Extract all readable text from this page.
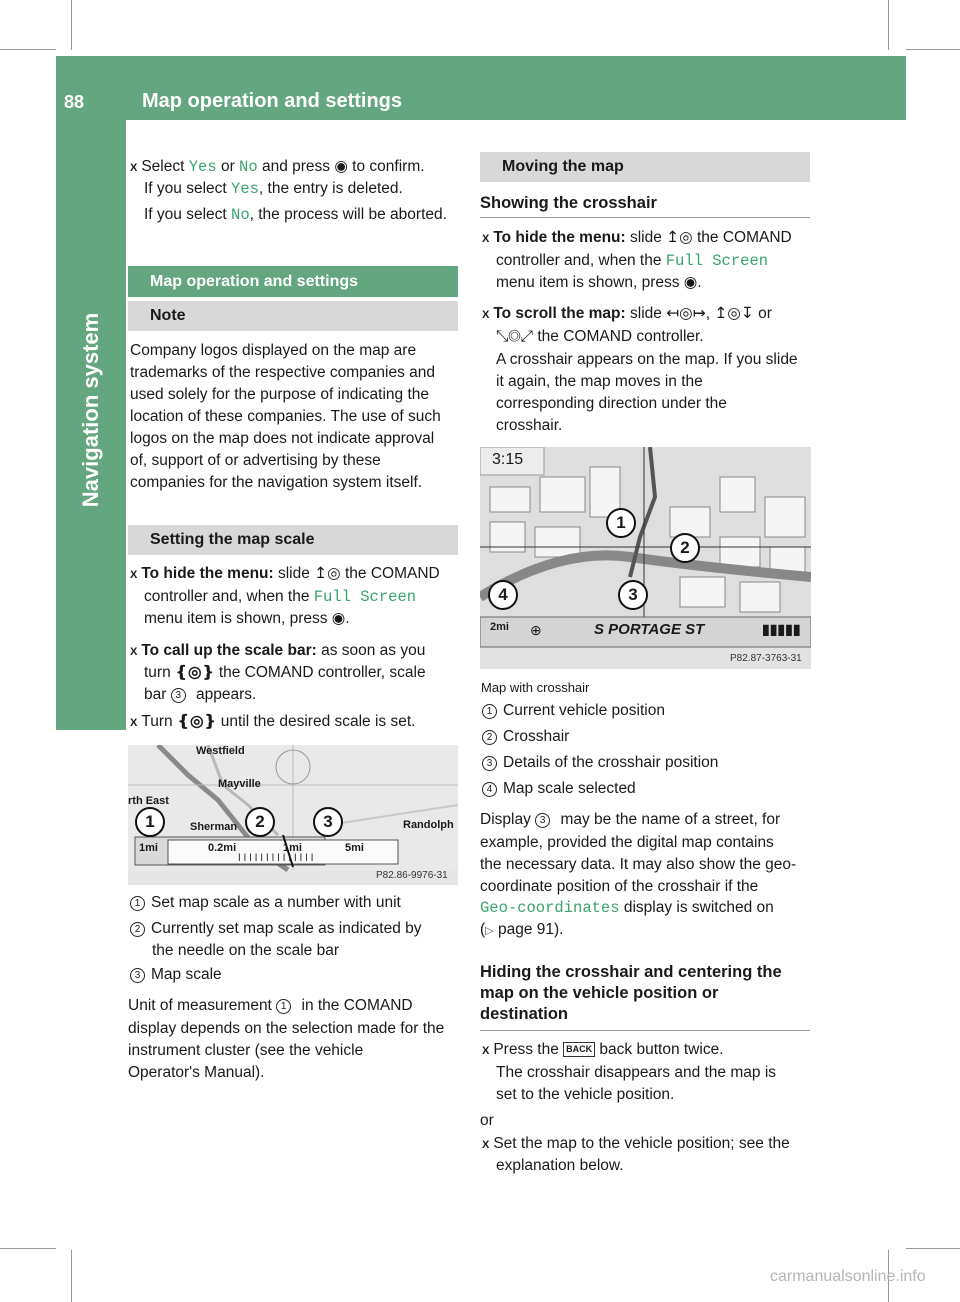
88	Map operation and settings
Navigation system
X Select Yes or No and press ◉ to confirm.
If you select Yes, the entry is deleted.
If you select No, the process will be aborted.
Map operation and settings
Note
Company logos displayed on the map are
trademarks of the respective companies and
used solely for the purpose of indicating the
location of these companies. The use of such
logos on the map does not indicate approval
of, support of or advertising by these
companies for the navigation system itself.
Setting the map scale
X To hide the menu: slide ↥◎ the COMAND
controller and, when the Full Screen
menu item is shown, press ◉.
X To call up the scale bar: as soon as you
turn ❴◎❵ the COMAND controller, scale
bar 3 appears.
X Turn ❴◎❵ until the desired scale is set.
Westfield
Mayville
rth East
Sherman	Randolph
1mi	0.2mi	1mi	5mi
ǀǀǀǀǀǀǀǀǀǀǀǀǀǀ
P82.86-9976-31
1	2	3
1 Set map scale as a number with unit
2 Currently set map scale as indicated by
the needle on the scale bar
3 Map scale
Unit of measurement 1 in the COMAND
display depends on the selection made for the
instrument cluster (see the vehicle
Operator's Manual).
Moving the map
Showing the crosshair
X To hide the menu: slide ↥◎ the COMAND
controller and, when the Full Screen
menu item is shown, press ◉.
X To scroll the map: slide ↤◎↦, ↥◎↧ or
⤡◎⤢ the COMAND controller.
A crosshair appears on the map. If you slide
it again, the map moves in the
corresponding direction under the
crosshair.
3:15
2mi ⊕	S PORTAGE ST	▮▮▮▮▮
P82.87-3763-31
1
2
3
4
Map with crosshair
1 Current vehicle position
2 Crosshair
3 Details of the crosshair position
4 Map scale selected
Display 3 may be the name of a street, for
example, provided the digital map contains
the necessary data. It may also show the geo-
coordinate position of the crosshair if the
Geo-coordinates display is switched on
(▷ page 91).
Hiding the crosshair and centering the
map on the vehicle position or
destination
X Press the BACK back button twice.
The crosshair disappears and the map is
set to the vehicle position.
or
X Set the map to the vehicle position; see the
explanation below.
carmanualsonline.info
